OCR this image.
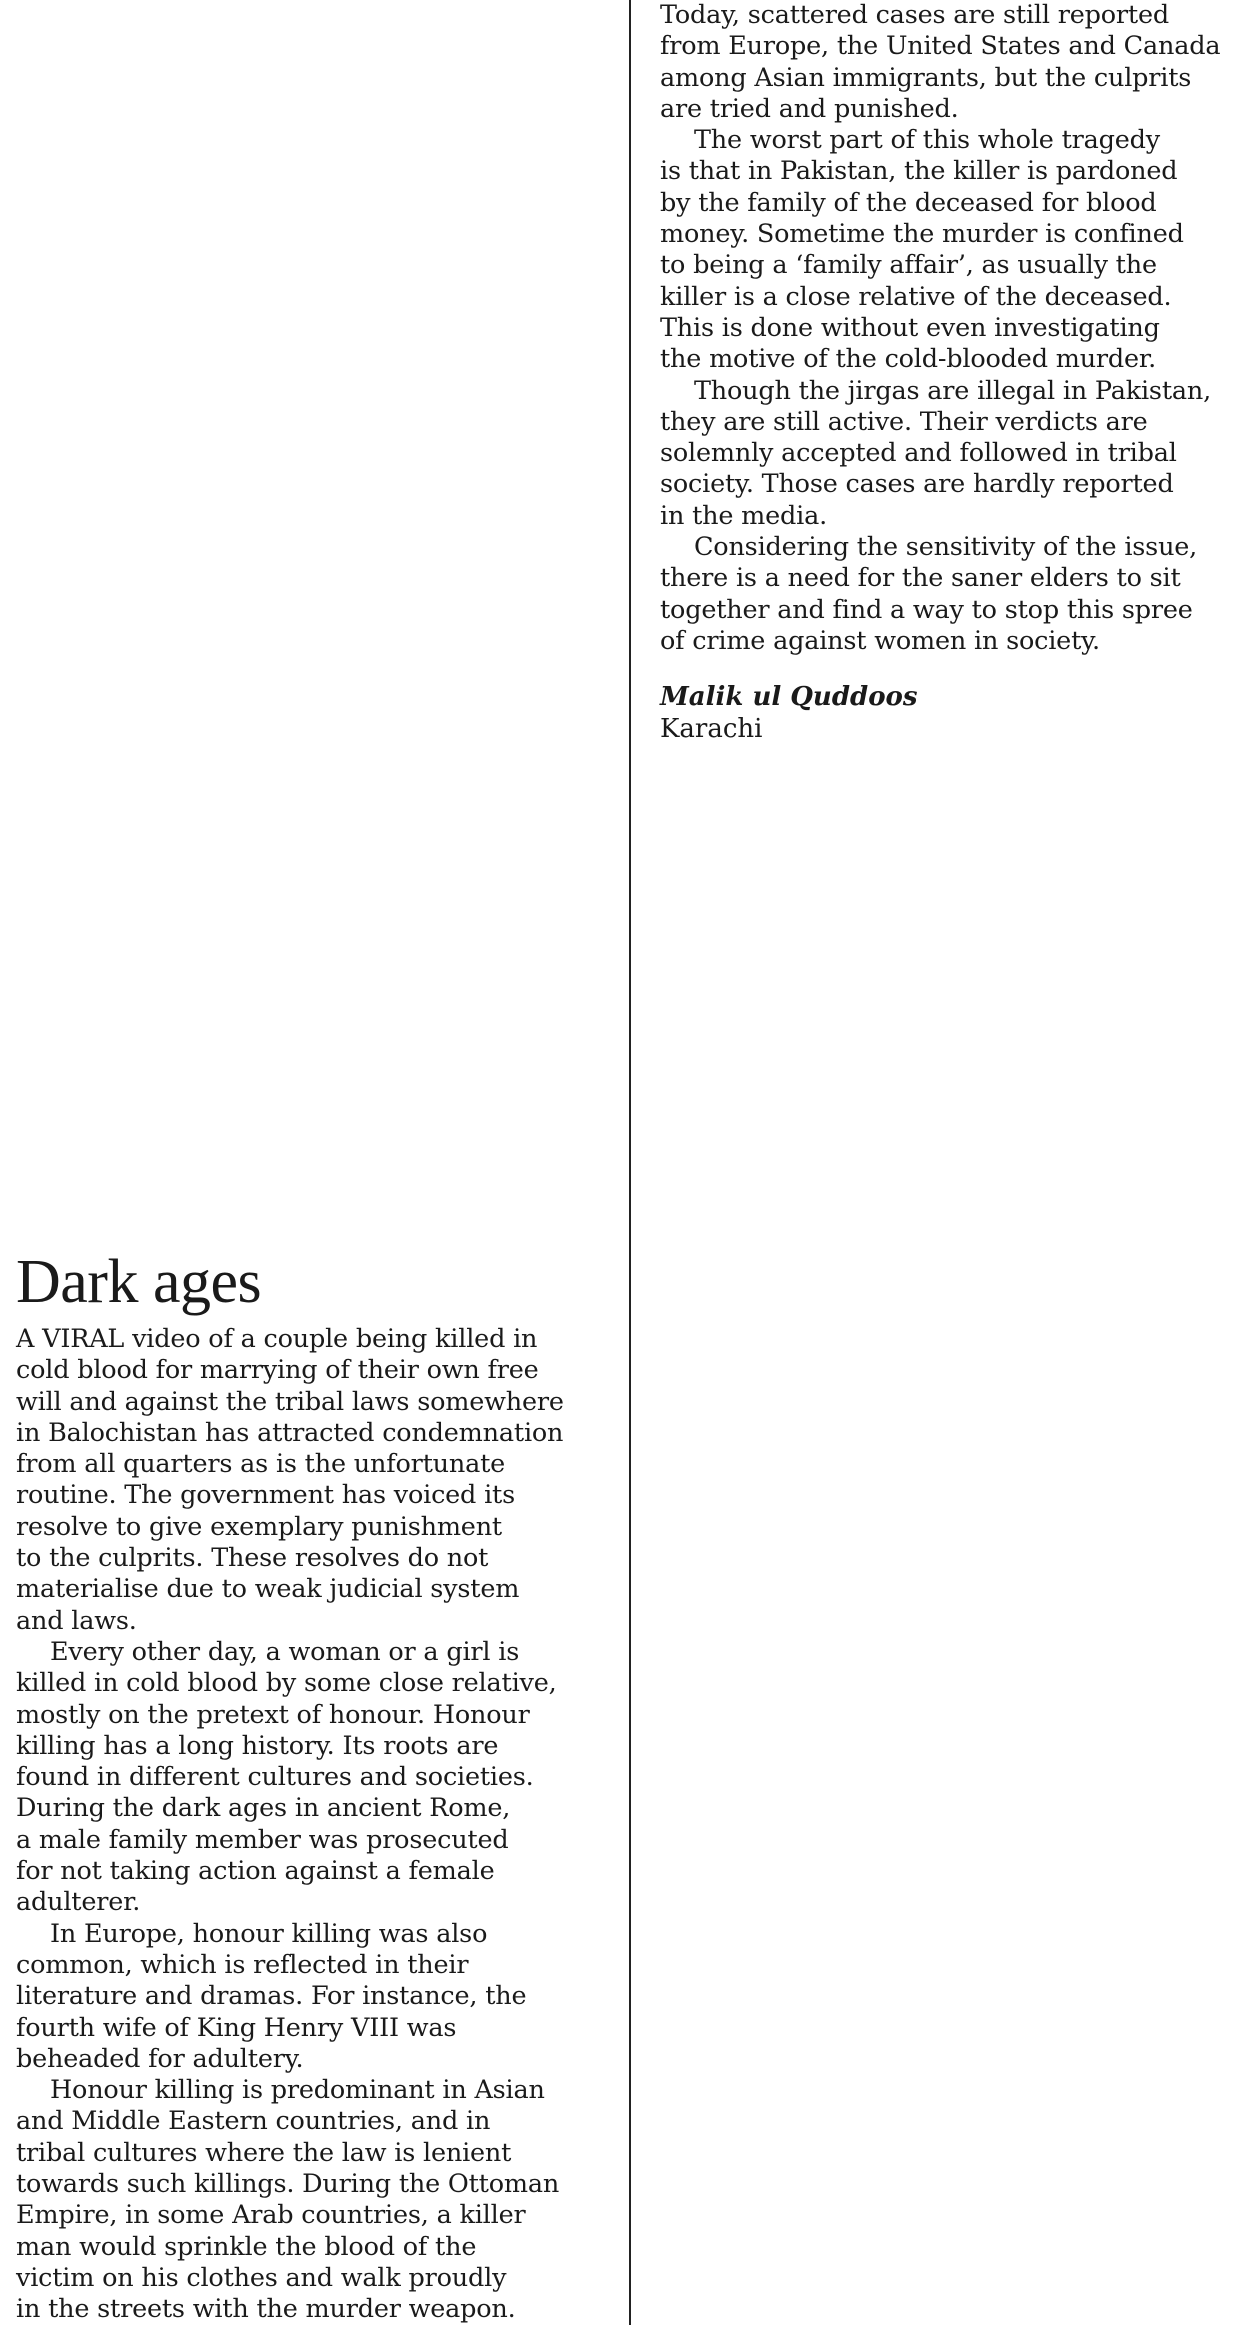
Today, scattered cases are still reported
from Europe, the United States and Canada
among Asian immigrants, but the culprits
are tried and punished.

The worst part of this whole tragedy
is that in Pakistan, the killer is pardoned
by the family of the deceased for blood
money. Sometime the murder is confined
to being a ‘family affair’, as usually the
killer is a close relative of the deceased.
This is done without even investigating
the motive of the cold-blooded murder.

Though the jirgas are illegal in Pakistan,
they are still active. Their verdicts are
solemnly accepted and followed in tribal
society. Those cases are hardly reported
in the media.

Considering the sensitivity of the issue,
there is a need for the saner elders to sit
together and find a way to stop this spree
of crime against women in society.

Malik ul Quddoos
Karachi
Dark ages

A VIRAL video of a couple being killed in
cold blood for marrying of their own free
will and against the tribal laws somewhere
in Balochistan has attracted condemnation
from all quarters as is the unfortunate
routine. The government has voiced its
resolve to give exemplary punishment
to the culprits. These resolves do not
materialise due to weak judicial system
and laws.

Every other day, a woman or a girl is
killed in cold blood by some close relative,
mostly on the pretext of honour. Honour
killing has a long history. Its roots are
found in different cultures and societies.
During the dark ages in ancient Rome,
a male family member was prosecuted
for not taking action against a female
adulterer.

In Europe, honour killing was also
common, which is reflected in their
literature and dramas. For instance, the
fourth wife of King Henry VIII was
beheaded for adultery.

Honour killing is predominant in Asian
and Middle Eastern countries, and in
tribal cultures where the law is lenient
towards such killings. During the Ottoman
Empire, in some Arab countries, a killer
man would sprinkle the blood of the
victim on his clothes and walk proudly
in the streets with the murder weapon.
